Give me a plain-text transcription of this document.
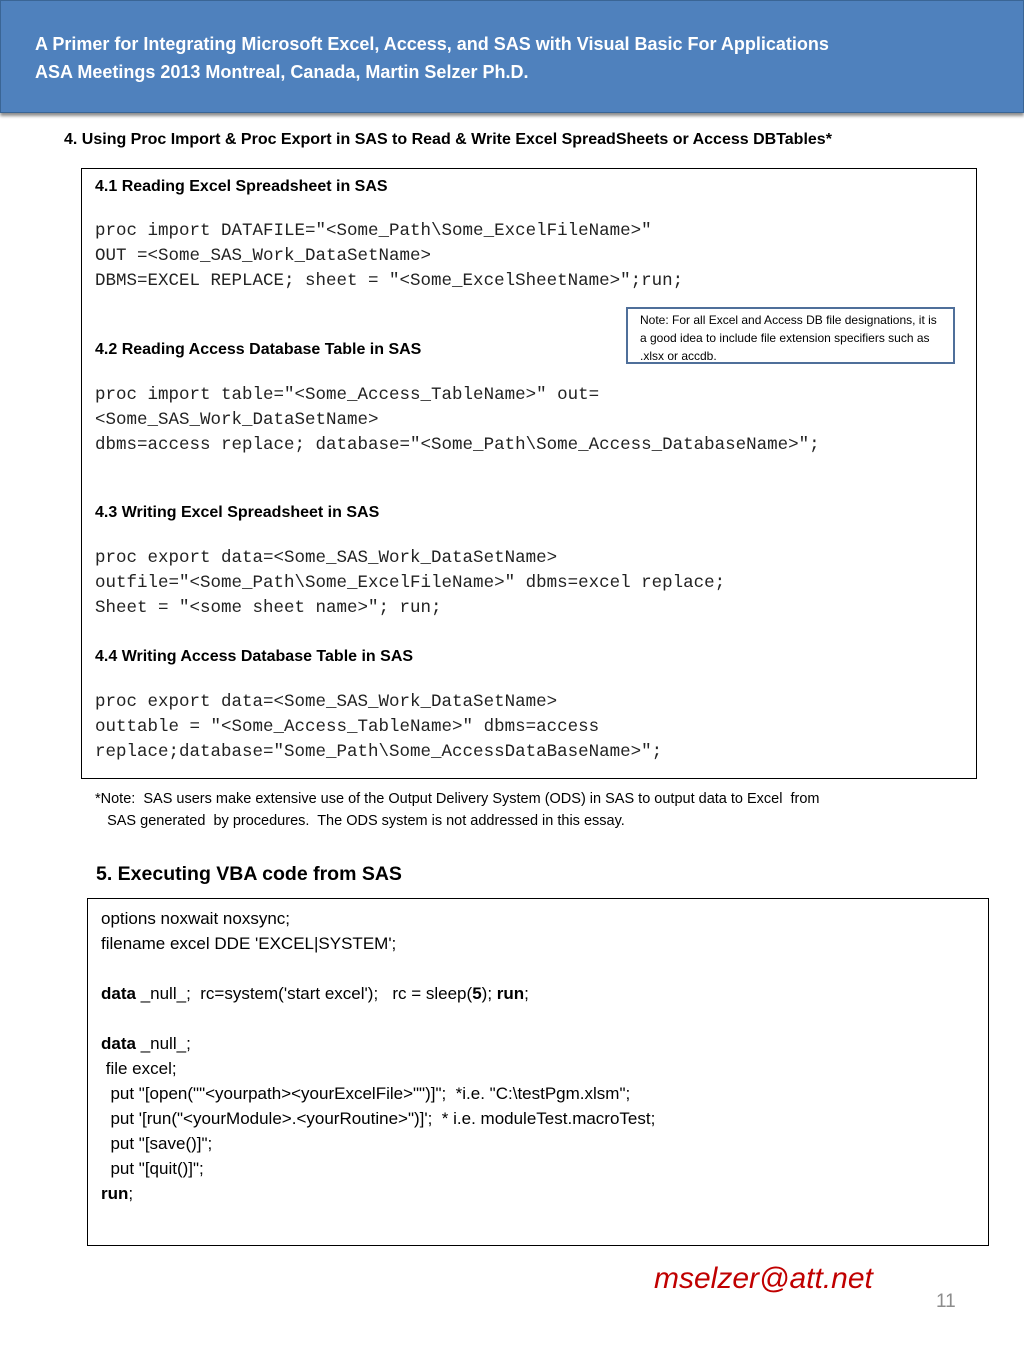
A Primer for Integrating Microsoft Excel, Access, and SAS with Visual Basic For Applications
ASA Meetings 2013 Montreal, Canada, Martin Selzer Ph.D.
4. Using Proc Import & Proc Export in SAS to Read & Write Excel SpreadSheets or Access DBTables*
4.1 Reading Excel Spreadsheet in SAS
proc import DATAFILE="<Some_Path\Some_ExcelFileName>"
OUT =<Some_SAS_Work_DataSetName>
DBMS=EXCEL REPLACE; sheet = "<Some_ExcelSheetName>";run;
Note: For all Excel and Access DB file designations, it is a good idea to include file extension specifiers such as .xlsx or accdb.
4.2 Reading Access Database Table in SAS
proc import table="<Some_Access_TableName>" out=
<Some_SAS_Work_DataSetName>
dbms=access replace; database="<Some_Path\Some_Access_DatabaseName>";
4.3 Writing Excel Spreadsheet in SAS
proc export data=<Some_SAS_Work_DataSetName>
outfile="<Some_Path\Some_ExcelFileName>" dbms=excel replace;
Sheet = "<some sheet name>"; run;
4.4 Writing Access Database Table in SAS
proc export data=<Some_SAS_Work_DataSetName>
outtable = "<Some_Access_TableName>" dbms=access
replace;database="Some_Path\Some_AccessDataBaseName>";
*Note:  SAS users make extensive use of the Output Delivery System (ODS) in SAS to output data to Excel  from
SAS generated  by procedures.  The ODS system is not addressed in this essay.
5. Executing VBA code from SAS
options noxwait noxsync;
filename excel DDE 'EXCEL|SYSTEM';
data _null_;  rc=system('start excel');   rc = sleep(5); run;
data _null_;
file excel;
put "[open(""<yourpath><yourExcelFile>"")]";  *i.e. "C:\testPgm.xlsm";
put '[run("<yourModule>.<yourRoutine>")]';  * i.e. moduleTest.macroTest;
put "[save()]";
put "[quit()]";
run;
mselzer@att.net
11
